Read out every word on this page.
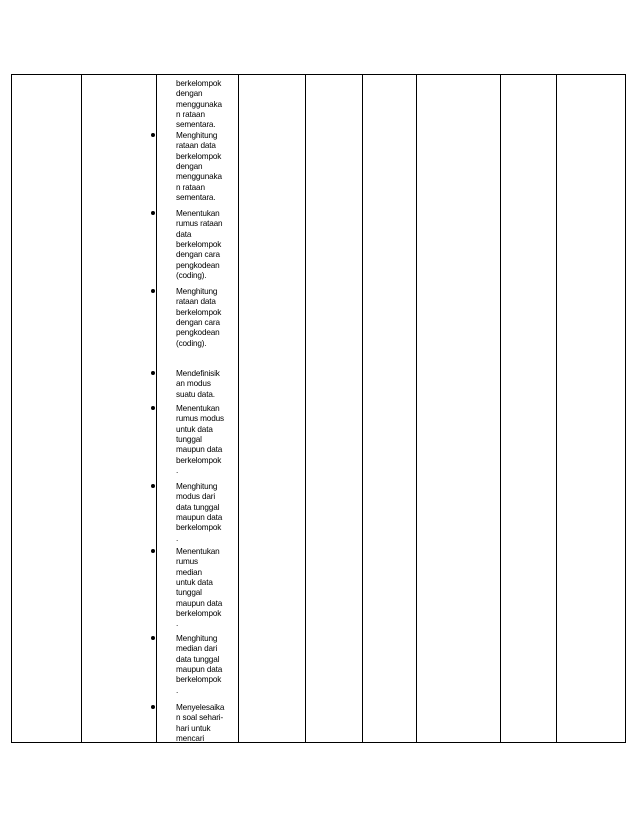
berkelompok
dengan
menggunaka
n rataan
sementara.
Menghitung
rataan data
berkelompok
dengan
menggunaka
n rataan
sementara.
Menentukan
rumus rataan
data
berkelompok
dengan cara
pengkodean
(coding).
Menghitung
rataan data
berkelompok
dengan cara
pengkodean
(coding).
Mendefinisik
an modus
suatu data.
Menentukan
rumus modus
untuk data
tunggal
maupun data
berkelompok
.
Menghitung
modus dari
data tunggal
maupun data
berkelompok
.
Menentukan
rumus
median
untuk data
tunggal
maupun data
berkelompok
.
Menghitung
median dari
data tunggal
maupun data
berkelompok
.
Menyelesaika
n soal sehari-
hari untuk
mencari
